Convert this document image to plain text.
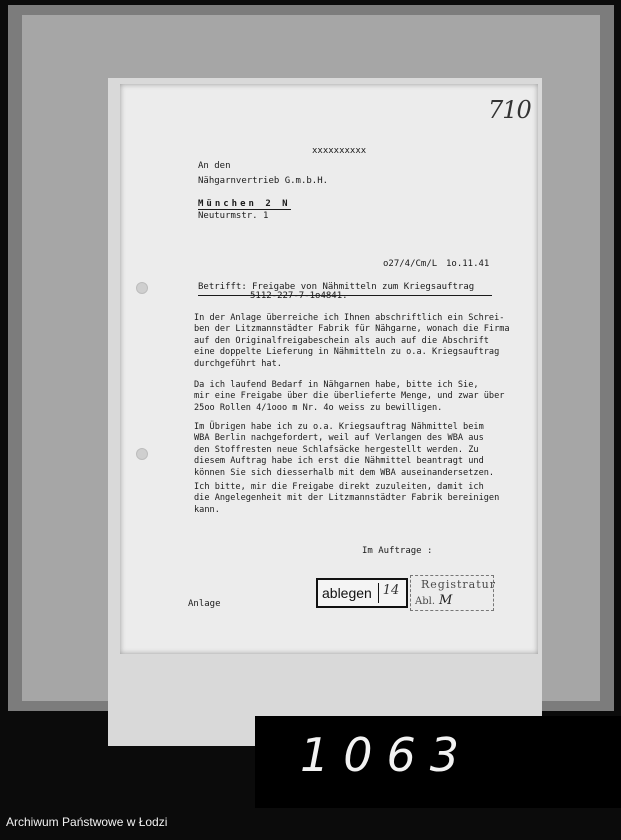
710
xxxxxxxxxx
An den
Nähgarnvertrieb G.m.b.H.
München 2 N
Neuturmstr. 1
o27/4/Cm/L 1o.11.41
Betrifft: Freigabe von Nähmitteln zum Kriegsauftrag
5112-227-7-1o4841.
In der Anlage überreiche ich Ihnen abschriftlich ein Schrei-
ben der Litzmannstädter Fabrik für Nähgarne, wonach die Firma
auf den Originalfreigabeschein als auch auf die Abschrift
eine doppelte Lieferung in Nähmitteln zu o.a. Kriegsauftrag
durchgeführt hat.
Da ich laufend Bedarf in Nähgarnen habe, bitte ich Sie,
mir eine Freigabe über die überlieferte Menge, und zwar über
25oo Rollen 4/1ooo m Nr. 4o weiss zu bewilligen.
Im Übrigen habe ich zu o.a. Kriegsauftrag Nähmittel beim
WBA Berlin nachgefordert, weil auf Verlangen des WBA aus
den Stoffresten neue Schlafsäcke hergestellt werden. Zu
diesem Auftrag habe ich erst die Nähmittel beantragt und
können Sie sich diesserhalb mit dem WBA auseinandersetzen.
Ich bitte, mir die Freigabe direkt zuzuleiten, damit ich
die Angelegenheit mit der Litzmannstädter Fabrik bereinigen
kann.
Im Auftrage :
ablegen 14	Registratur
Abl. M
Anlage
1063
Archiwum Państwowe w Łodzi
